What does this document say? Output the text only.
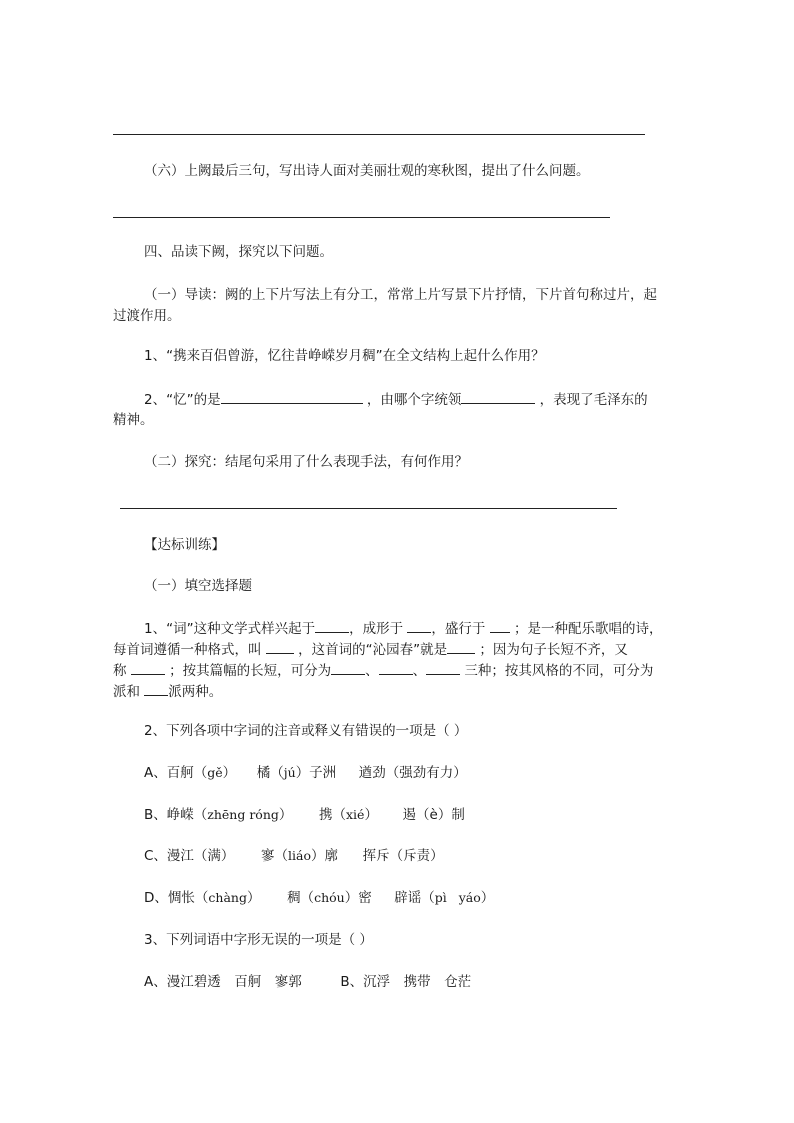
（六）上阙最后三句，写出诗人面对美丽壮观的寒秋图，提出了什么问题。
四、品读下阙，探究以下问题。
（一）导读：阙的上下片写法上有分工，常常上片写景下片抒情，下片首句称过片，起
过渡作用。
1、“携来百侣曾游，忆往昔峥嵘岁月稠”在全文结构上起什么作用？
2、“忆”的是	，由哪个字统领	，表现了毛泽东的
精神。
（二）探究：结尾句采用了什么表现手法，有何作用？
【达标训练】
（一）填空选择题
1、“词”这种文学式样兴起于	，成形于 ，盛行于 ；是一种配乐歌唱的诗，
每首词遵循一种格式，叫	，这首词的“沁园春”就是 ；因为句子长短不齐，又
称	；按其篇幅的长短，可分为	、	、	三种；按其风格的不同，可分为
派和 派两种。
2、下列各项中字词的注音或释义有错误的一项是（ ）
A、百舸（gě） 橘（jú）子洲 遒劲（强劲有力）
B、峥嵘（zhēng róng） 携（xié） 遏（è）制
C、漫江（满） 寥（liáo）廓 挥斥（斥责）
D、惆怅（chàng） 稠（chóu）密 辟谣（pì   yáo）
3、下列词语中字形无误的一项是（ ）
A、漫江碧透　百舸　寥郭	B、沉浮　携带　仓茫
